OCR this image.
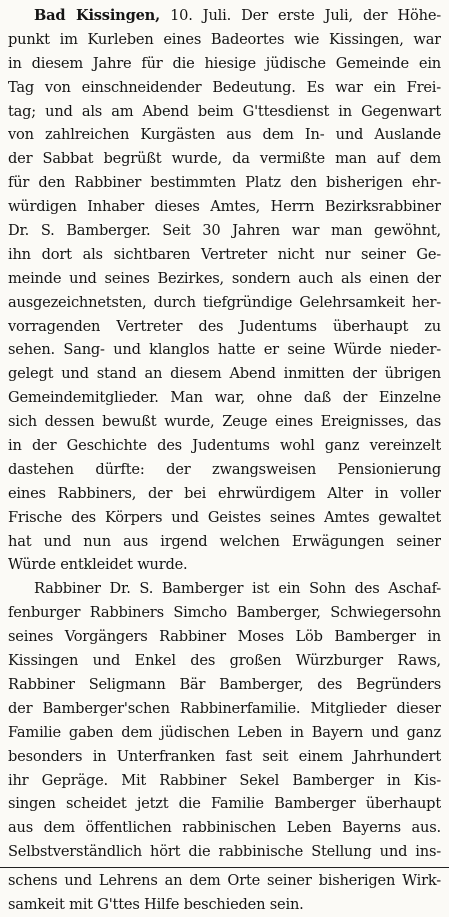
Bad Kissingen, 10. Juli. Der erste Juli, der Höhe-
punkt im Kurleben eines Badeortes wie Kissingen, war
in diesem Jahre für die hiesige jüdische Gemeinde ein
Tag von einschneidender Bedeutung. Es war ein Frei-
tag; und als am Abend beim G'ttesdienst in Gegenwart
von zahlreichen Kurgästen aus dem In- und Auslande
der Sabbat begrüßt wurde, da vermißte man auf dem
für den Rabbiner bestimmten Platz den bisherigen ehr-
würdigen Inhaber dieses Amtes, Herrn Bezirksrabbiner
Dr. S. Bamberger. Seit 30 Jahren war man gewöhnt,
ihn dort als sichtbaren Vertreter nicht nur seiner Ge-
meinde und seines Bezirkes, sondern auch als einen der
ausgezeichnetsten, durch tiefgründige Gelehrsamkeit her-
vorragenden Vertreter des Judentums überhaupt zu
sehen. Sang- und klanglos hatte er seine Würde nieder-
gelegt und stand an diesem Abend inmitten der übrigen
Gemeindemitglieder. Man war, ohne daß der Einzelne
sich dessen bewußt wurde, Zeuge eines Ereignisses, das
in der Geschichte des Judentums wohl ganz vereinzelt
dastehen dürfte: der zwangsweisen Pensionierung
eines Rabbiners, der bei ehrwürdigem Alter in voller
Frische des Körpers und Geistes seines Amtes gewaltet
hat und nun aus irgend welchen Erwägungen seiner
Würde entkleidet wurde.
Rabbiner Dr. S. Bamberger ist ein Sohn des Aschaf-
fenburger Rabbiners Simcho Bamberger, Schwiegersohn
seines Vorgängers Rabbiner Moses Löb Bamberger in
Kissingen und Enkel des großen Würzburger Raws,
Rabbiner Seligmann Bär Bamberger, des Begründers
der Bamberger'schen Rabbinerfamilie. Mitglieder dieser
Familie gaben dem jüdischen Leben in Bayern und ganz
besonders in Unterfranken fast seit einem Jahrhundert
ihr Gepräge. Mit Rabbiner Sekel Bamberger in Kis-
singen scheidet jetzt die Familie Bamberger überhaupt
aus dem öffentlichen rabbinischen Leben Bayerns aus.
Selbstverständlich hört die rabbinische Stellung und ins-
schens und Lehrens an dem Orte seiner bisherigen Wirk-
samkeit mit G'ttes Hilfe beschieden sein.
